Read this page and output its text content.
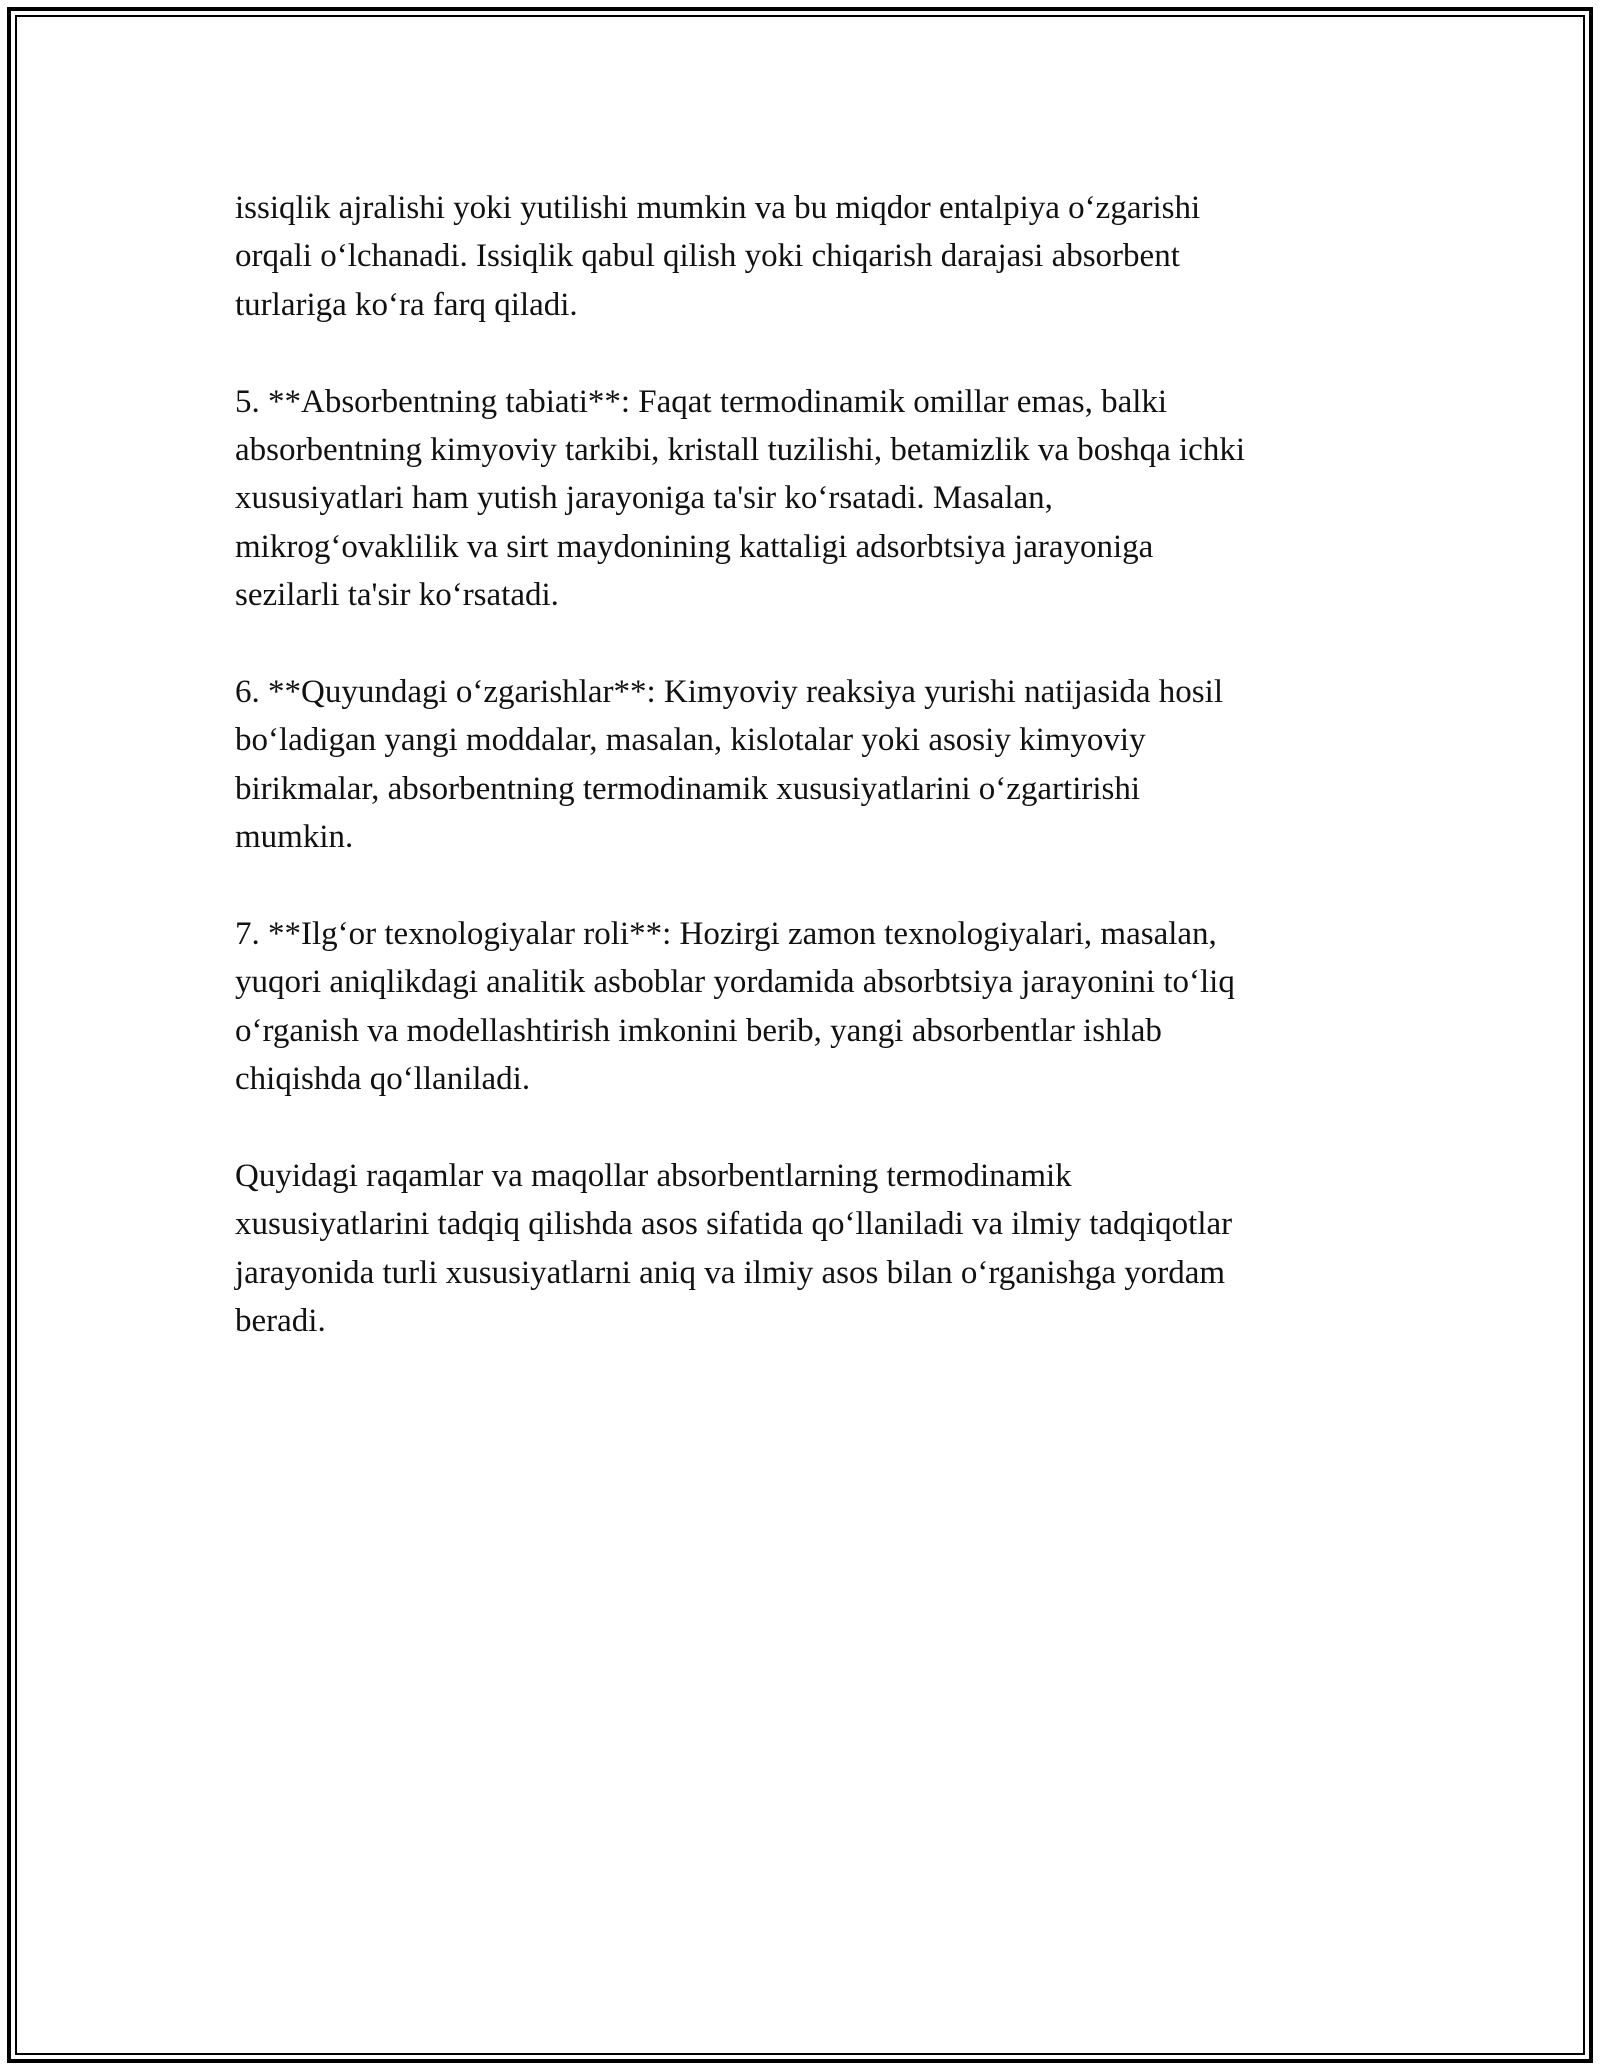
issiqlik ajralishi yoki yutilishi mumkin va bu miqdor entalpiya o‘zgarishi
orqali o‘lchanadi. Issiqlik qabul qilish yoki chiqarish darajasi absorbent
turlariga ko‘ra farq qiladi.

5. **Absorbentning tabiati**: Faqat termodinamik omillar emas, balki
absorbentning kimyoviy tarkibi, kristall tuzilishi, betamizlik va boshqa ichki
xususiyatlari ham yutish jarayoniga ta'sir ko‘rsatadi. Masalan,
mikrog‘ovaklilik va sirt maydonining kattaligi adsorbtsiya jarayoniga
sezilarli ta'sir ko‘rsatadi.

6. **Quyundagi o‘zgarishlar**: Kimyoviy reaksiya yurishi natijasida hosil
bo‘ladigan yangi moddalar, masalan, kislotalar yoki asosiy kimyoviy
birikmalar, absorbentning termodinamik xususiyatlarini o‘zgartirishi
mumkin.

7. **Ilg‘or texnologiyalar roli**: Hozirgi zamon texnologiyalari, masalan,
yuqori aniqlikdagi analitik asboblar yordamida absorbtsiya jarayonini to‘liq
o‘rganish va modellashtirish imkonini berib, yangi absorbentlar ishlab
chiqishda qo‘llaniladi.

Quyidagi raqamlar va maqollar absorbentlarning termodinamik
xususiyatlarini tadqiq qilishda asos sifatida qo‘llaniladi va ilmiy tadqiqotlar
jarayonida turli xususiyatlarni aniq va ilmiy asos bilan o‘rganishga yordam
beradi.
